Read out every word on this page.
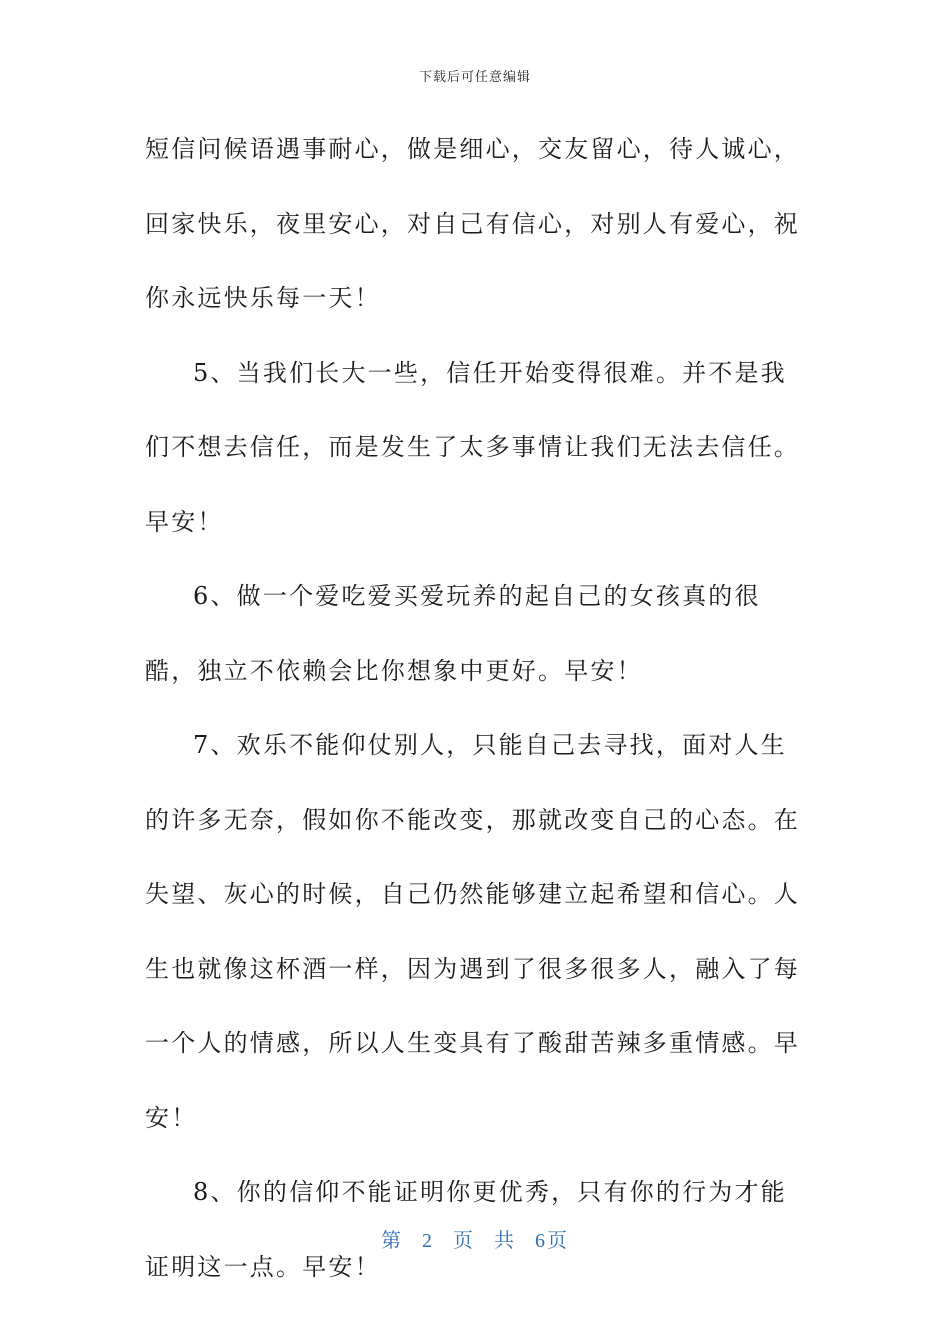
下载后可任意编辑

短信问候语遇事耐心，做是细心，交友留心，待人诚心，回家快乐，夜里安心，对自己有信心，对别人有爱心，祝你永远快乐每一天！

5、当我们长大一些，信任开始变得很难。并不是我们不想去信任，而是发生了太多事情让我们无法去信任。早安！

6、做一个爱吃爱买爱玩养的起自己的女孩真的很酷，独立不依赖会比你想象中更好。早安！

7、欢乐不能仰仗别人，只能自己去寻找，面对人生的许多无奈，假如你不能改变，那就改变自己的心态。在失望、灰心的时候，自己仍然能够建立起希望和信心。人生也就像这杯酒一样，因为遇到了很多很多人，融入了每一个人的情感，所以人生变具有了酸甜苦辣多重情感。早安！

8、你的信仰不能证明你更优秀，只有你的行为才能证明这一点。早安！

第 2 页 共 6页
